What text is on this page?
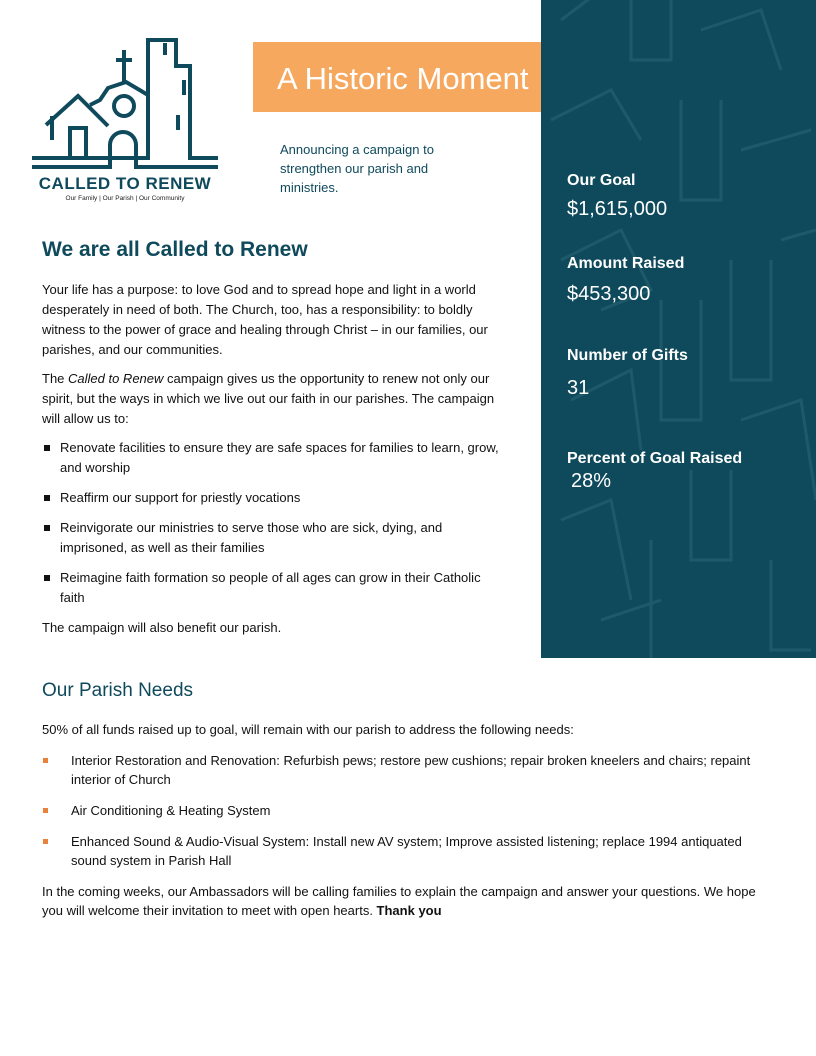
CALLED TO RENEW
Our Family | Our Parish | Our Community
A Historic Moment
Announcing a campaign to strengthen our parish and ministries.	Our Goal
$1,615,000
Amount Raised
$453,300
Number of Gifts
31
Percent of Goal Raised
28%
We are all Called to Renew

Your life has a purpose: to love God and to spread hope and light in a world desperately in need of both. The Church, too, has a responsibility: to boldly witness to the power of grace and healing through Christ – in our families, our parishes, and our communities.

The Called to Renew campaign gives us the opportunity to renew not only our spirit, but the ways in which we live out our faith in our parishes. The campaign will allow us to:

Renovate facilities to ensure they are safe spaces for families to learn, grow, and worship
Reaffirm our support for priestly vocations
Reinvigorate our ministries to serve those who are sick, dying, and imprisoned, as well as their families
Reimagine faith formation so people of all ages can grow in their Catholic faith

The campaign will also benefit our parish.

Our Parish Needs

50% of all funds raised up to goal, will remain with our parish to address the following needs:

Interior Restoration and Renovation: Refurbish pews; restore pew cushions; repair broken kneelers and chairs; repaint interior of Church
Air Conditioning & Heating System
Enhanced Sound & Audio-Visual System: Install new AV system; Improve assisted listening; replace 1994 antiquated sound system in Parish Hall

In the coming weeks, our Ambassadors will be calling families to explain the campaign and answer your questions. We hope you will welcome their invitation to meet with open hearts. Thank you
